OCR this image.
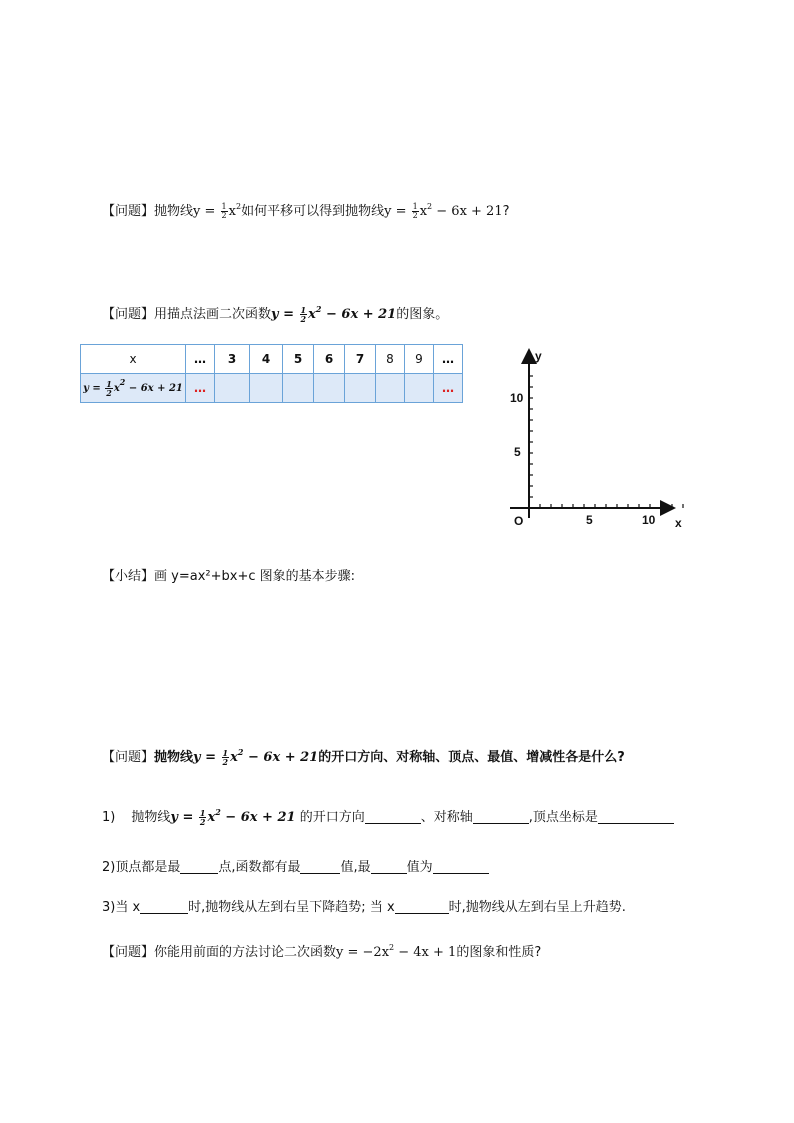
【问题】抛物线$y = \frac{1}{2} x^2$如何平移可以得到抛物线$y = \frac{1}{2} x^2 - 6x + 21$?
【问题】用描点法画二次函数$y = \frac{1}{2} x^2 - 6x + 21$的图象。
x	…	3	4	5	6	7	8	9	…
$y = \frac{1}{2} x^2 - 6x + 21$	…								…
y
x
O	5	10
5
10
【小结】画 y=ax²+bx+c 图象的基本步骤:
【问题】抛物线$y = \frac{1}{2} x^2 - 6x + 21$的开口方向、对称轴、顶点、最值、增减性各是什么?
1) 抛物线$y = \frac{1}{2} x^2 - 6x + 21$ 的开口方向	、对称轴	,顶点坐标是
2)顶点都是最	点,函数都有最	值,最	值为
3)当 x	时,抛物线从左到右呈下降趋势; 当 x	时,抛物线从左到右呈上升趋势.
【问题】你能用前面的方法讨论二次函数$y = -2x^2 - 4x + 1$的图象和性质?
